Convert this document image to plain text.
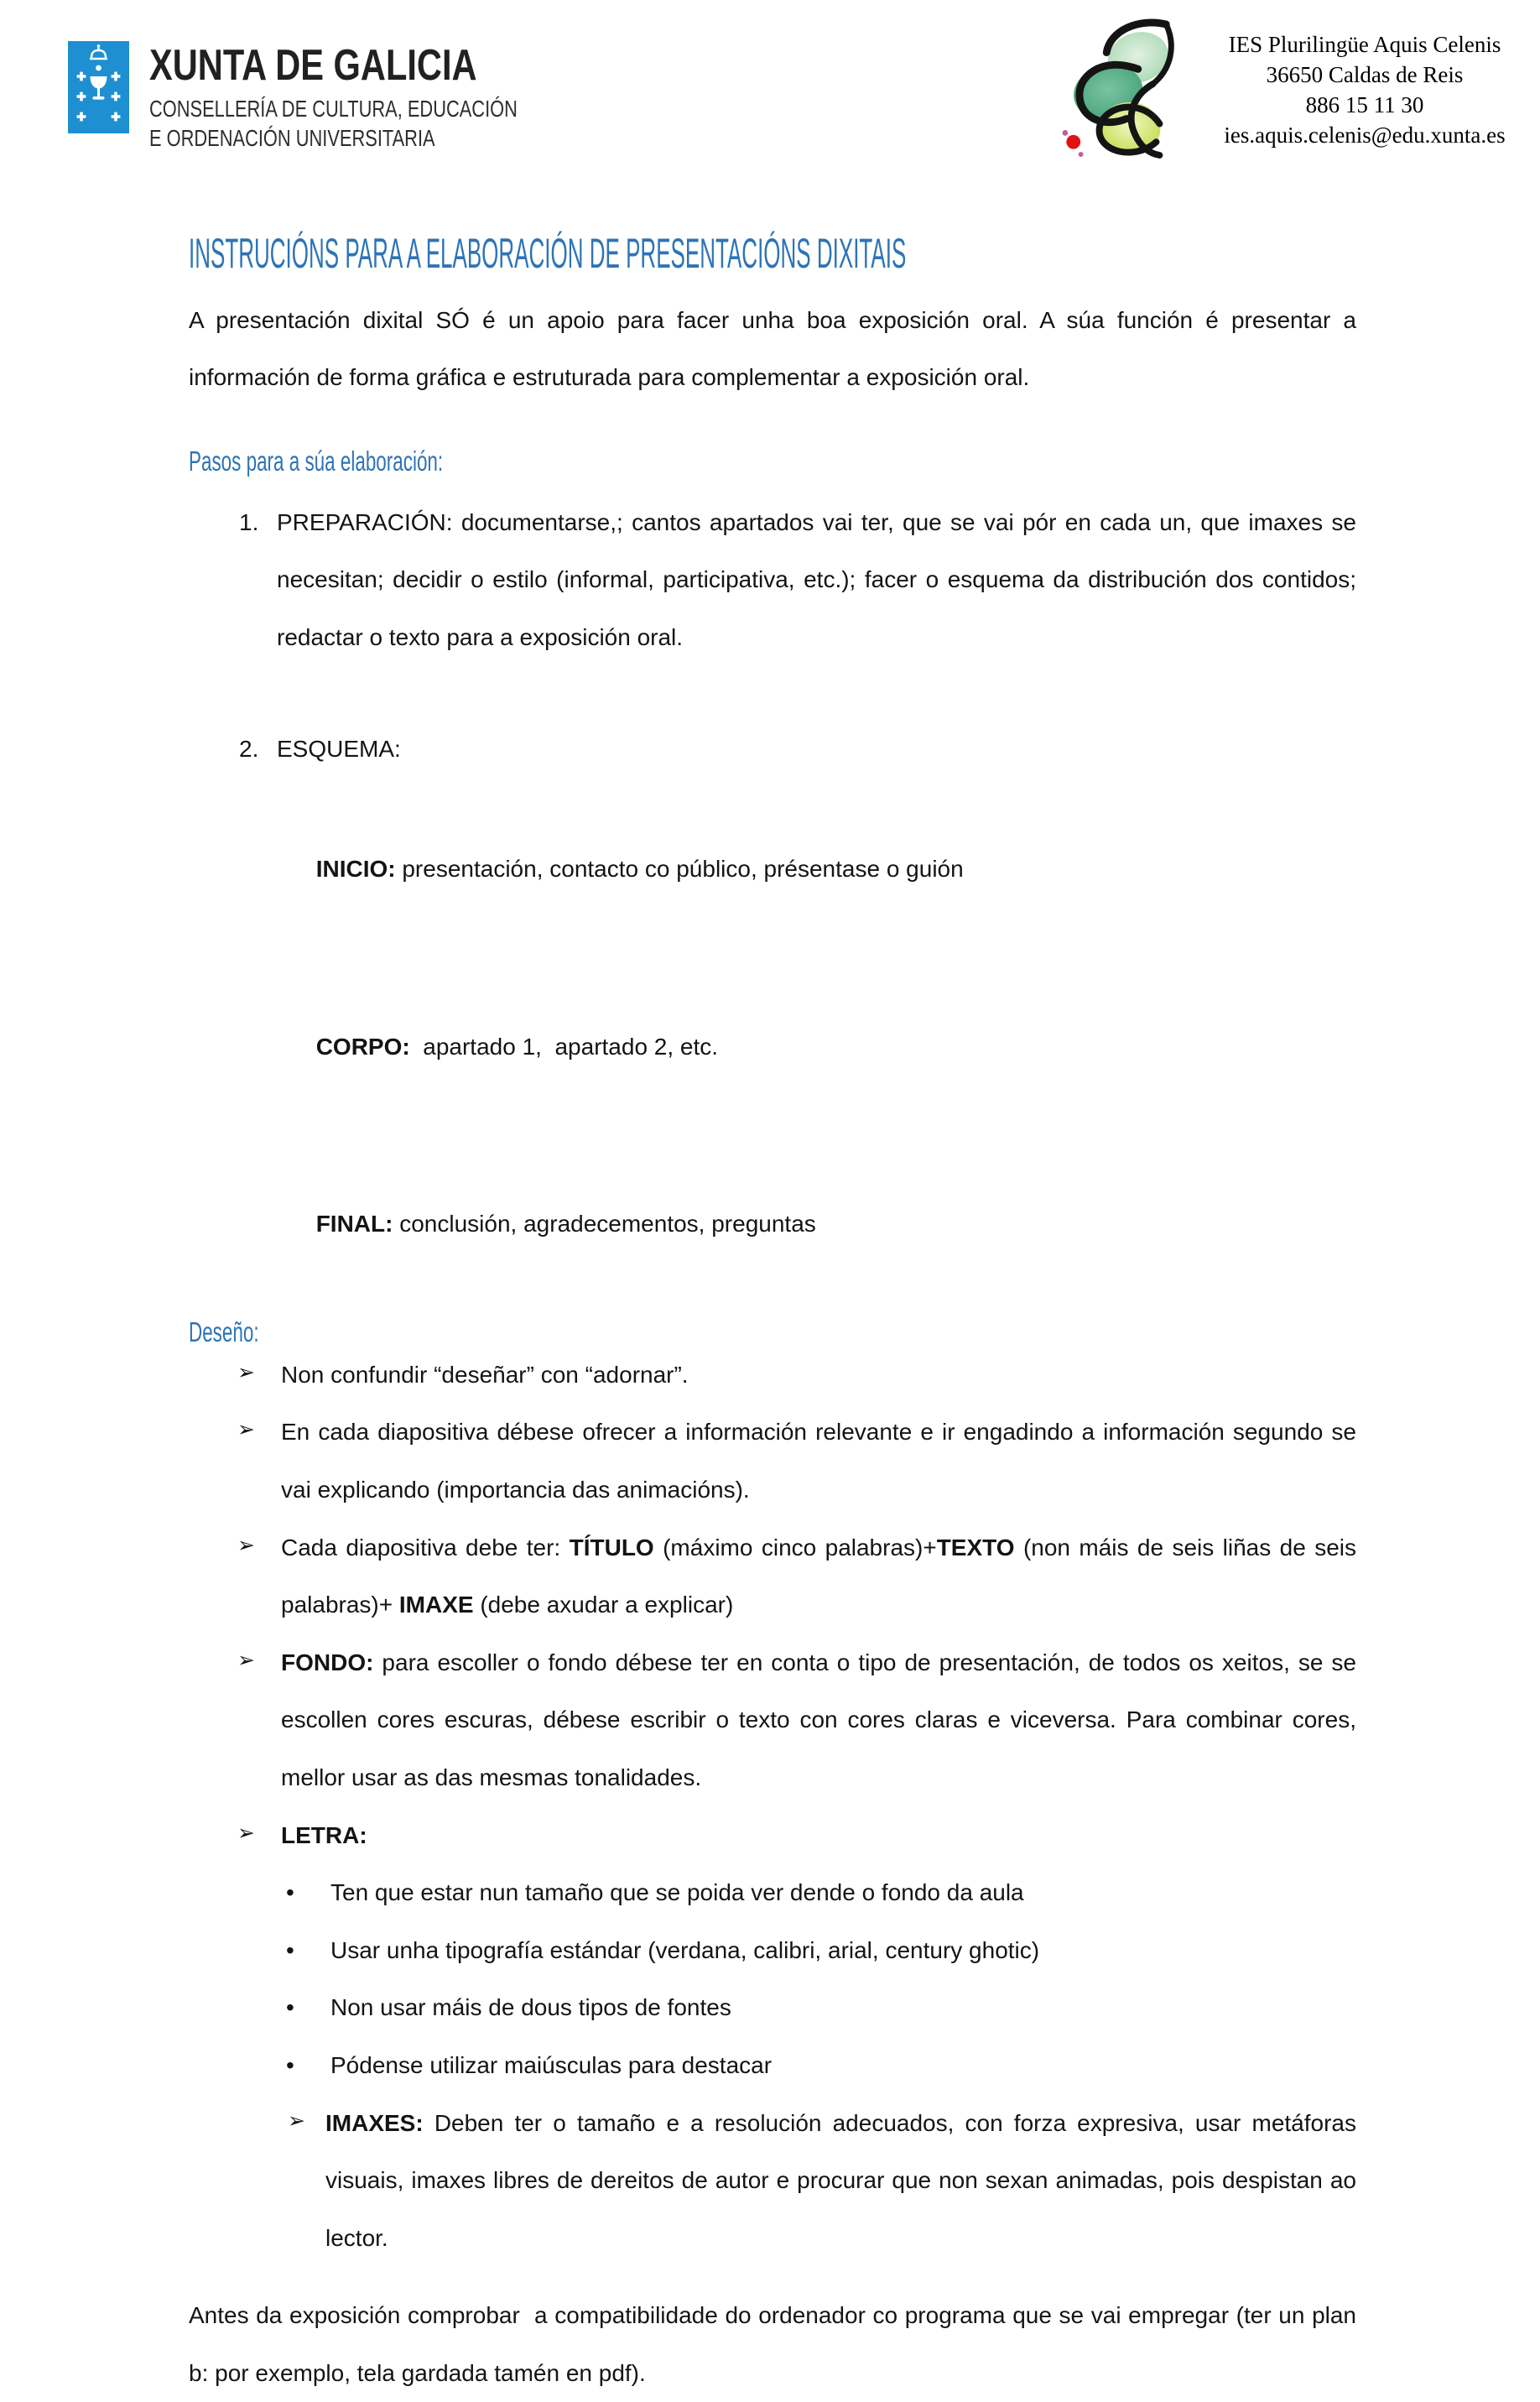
XUNTA DE GALICIA
CONSELLERÍA DE CULTURA, EDUCACIÓN
E ORDENACIÓN UNIVERSITARIA
IES Plurilingüe Aquis Celenis
36650 Caldas de Reis
886 15 11 30
ies.aquis.celenis@edu.xunta.es
INSTRUCIÓNS PARA A ELABORACIÓN DE PRESENTACIÓNS DIXITAIS

A presentación dixital SÓ é un apoio para facer unha boa exposición oral. A súa función é presentar a información de forma gráfica e estruturada para complementar a exposición oral.

Pasos para a súa elaboración:
1. PREPARACIÓN: documentarse,; cantos apartados vai ter, que se vai pór en cada un, que imaxes se necesitan; decidir o estilo (informal, participativa, etc.); facer o esquema da distribución dos contidos;  redactar o texto para a exposición oral.
2. ESQUEMA:

INICIO: presentación, contacto co público, présentase o guión

CORPO:  apartado 1,  apartado 2, etc.

FINAL: conclusión, agradecementos, preguntas

Deseño:
➢	Non confundir “deseñar” con “adornar”.
➢	En cada diapositiva débese ofrecer a información relevante e ir engadindo a información segundo se vai explicando (importancia das animacións).
➢	Cada diapositiva debe ter: TÍTULO (máximo cinco palabras)+TEXTO (non máis de seis liñas de seis palabras)+ IMAXE (debe axudar a explicar)
➢	FONDO: para escoller o fondo débese ter en conta o tipo de presentación, de todos os xeitos, se se escollen cores escuras, débese escribir o texto con cores claras e viceversa. Para combinar cores, mellor usar as das mesmas tonalidades.
➢	LETRA:
•	Ten que estar nun tamaño que se poida ver dende o fondo da aula
•	Usar unha tipografía estándar (verdana, calibri, arial, century ghotic)
•	Non usar máis de dous tipos de fontes
•	Pódense utilizar maiúsculas para destacar
➢ IMAXES: Deben ter o tamaño e a resolución adecuados, con forza expresiva, usar metáforas visuais, imaxes libres de dereitos de autor e procurar que non sexan animadas, pois despistan ao lector.

Antes da exposición comprobar  a compatibilidade do ordenador co programa que se vai empregar (ter un plan b: por exemplo, tela gardada tamén en pdf).
